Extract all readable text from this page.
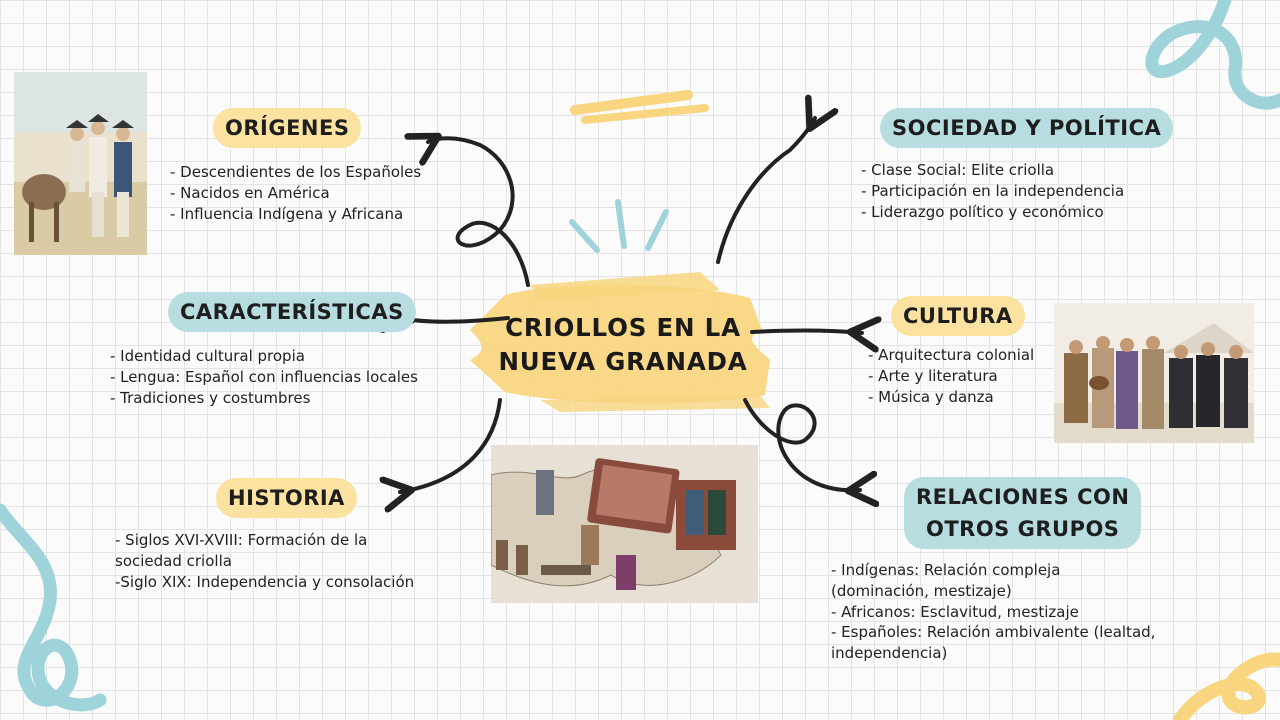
CRIOLLOS EN LA
NUEVA GRANADA
ORÍGENES
- Descendientes de los Españoles
- Nacidos en América
- Influencia Indígena y Africana
CARACTERÍSTICAS
- Identidad cultural propia
- Lengua: Español con influencias locales
- Tradiciones y costumbres
HISTORIA
- Siglos XVI-XVIII: Formación de la
sociedad criolla
-Siglo XIX: Independencia y consolación
SOCIEDAD Y POLÍTICA
- Clase Social: Elite criolla
- Participación en la independencia
- Liderazgo político y económico
CULTURA
- Arquitectura colonial
- Arte y literatura
- Música y danza
RELACIONES CON
OTROS GRUPOS
- Indígenas: Relación compleja
(dominación, mestizaje)
- Africanos: Esclavitud, mestizaje
- Españoles: Relación ambivalente (lealtad,
independencia)
